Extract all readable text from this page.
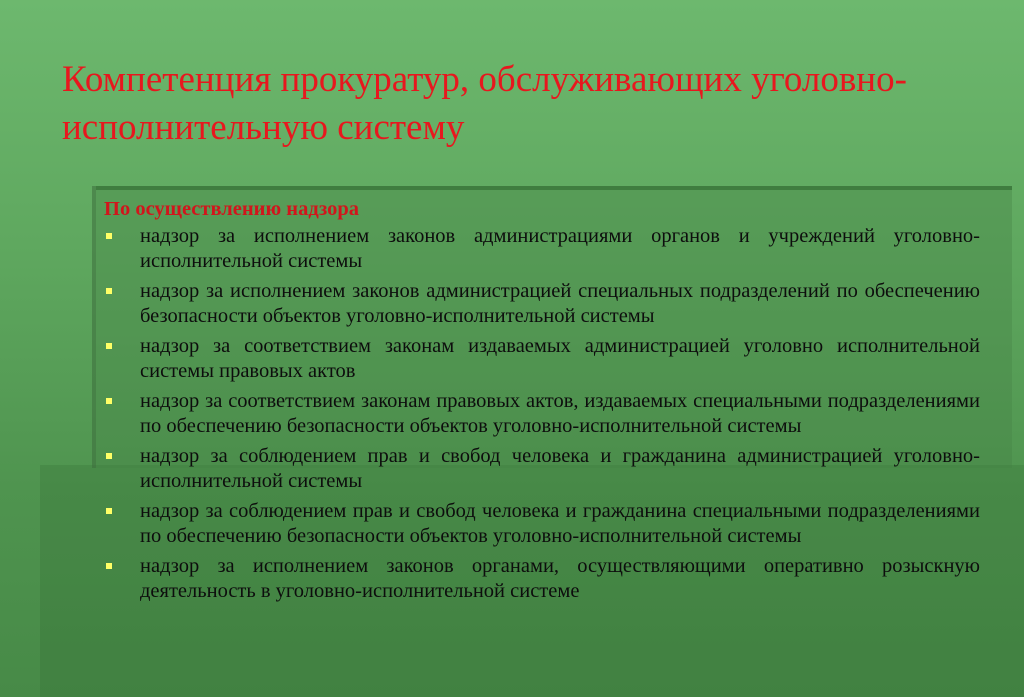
Компетенция прокуратур, обслуживающих уголовно-исполнительную систему
По осуществлению надзора
надзор за исполнением законов администрациями органов и учреждений уголовно-исполнительной системы
надзор за исполнением законов администрацией специальных подразделений по обеспечению безопасности объектов уголовно-исполнительной системы
надзор за соответствием законам издаваемых администрацией уголовно исполнительной системы правовых актов
надзор за соответствием законам правовых актов, издаваемых специальными подразделениями по обеспечению безопасности объектов уголовно-исполнительной системы
надзор за соблюдением прав и свобод человека и гражданина администрацией уголовно-исполнительной системы
надзор за соблюдением прав и свобод человека и гражданина специальными подразделениями по обеспечению безопасности объектов уголовно-исполнительной системы
надзор за исполнением законов органами, осуществляющими оперативно розыскную деятельность в уголовно-исполнительной системе
